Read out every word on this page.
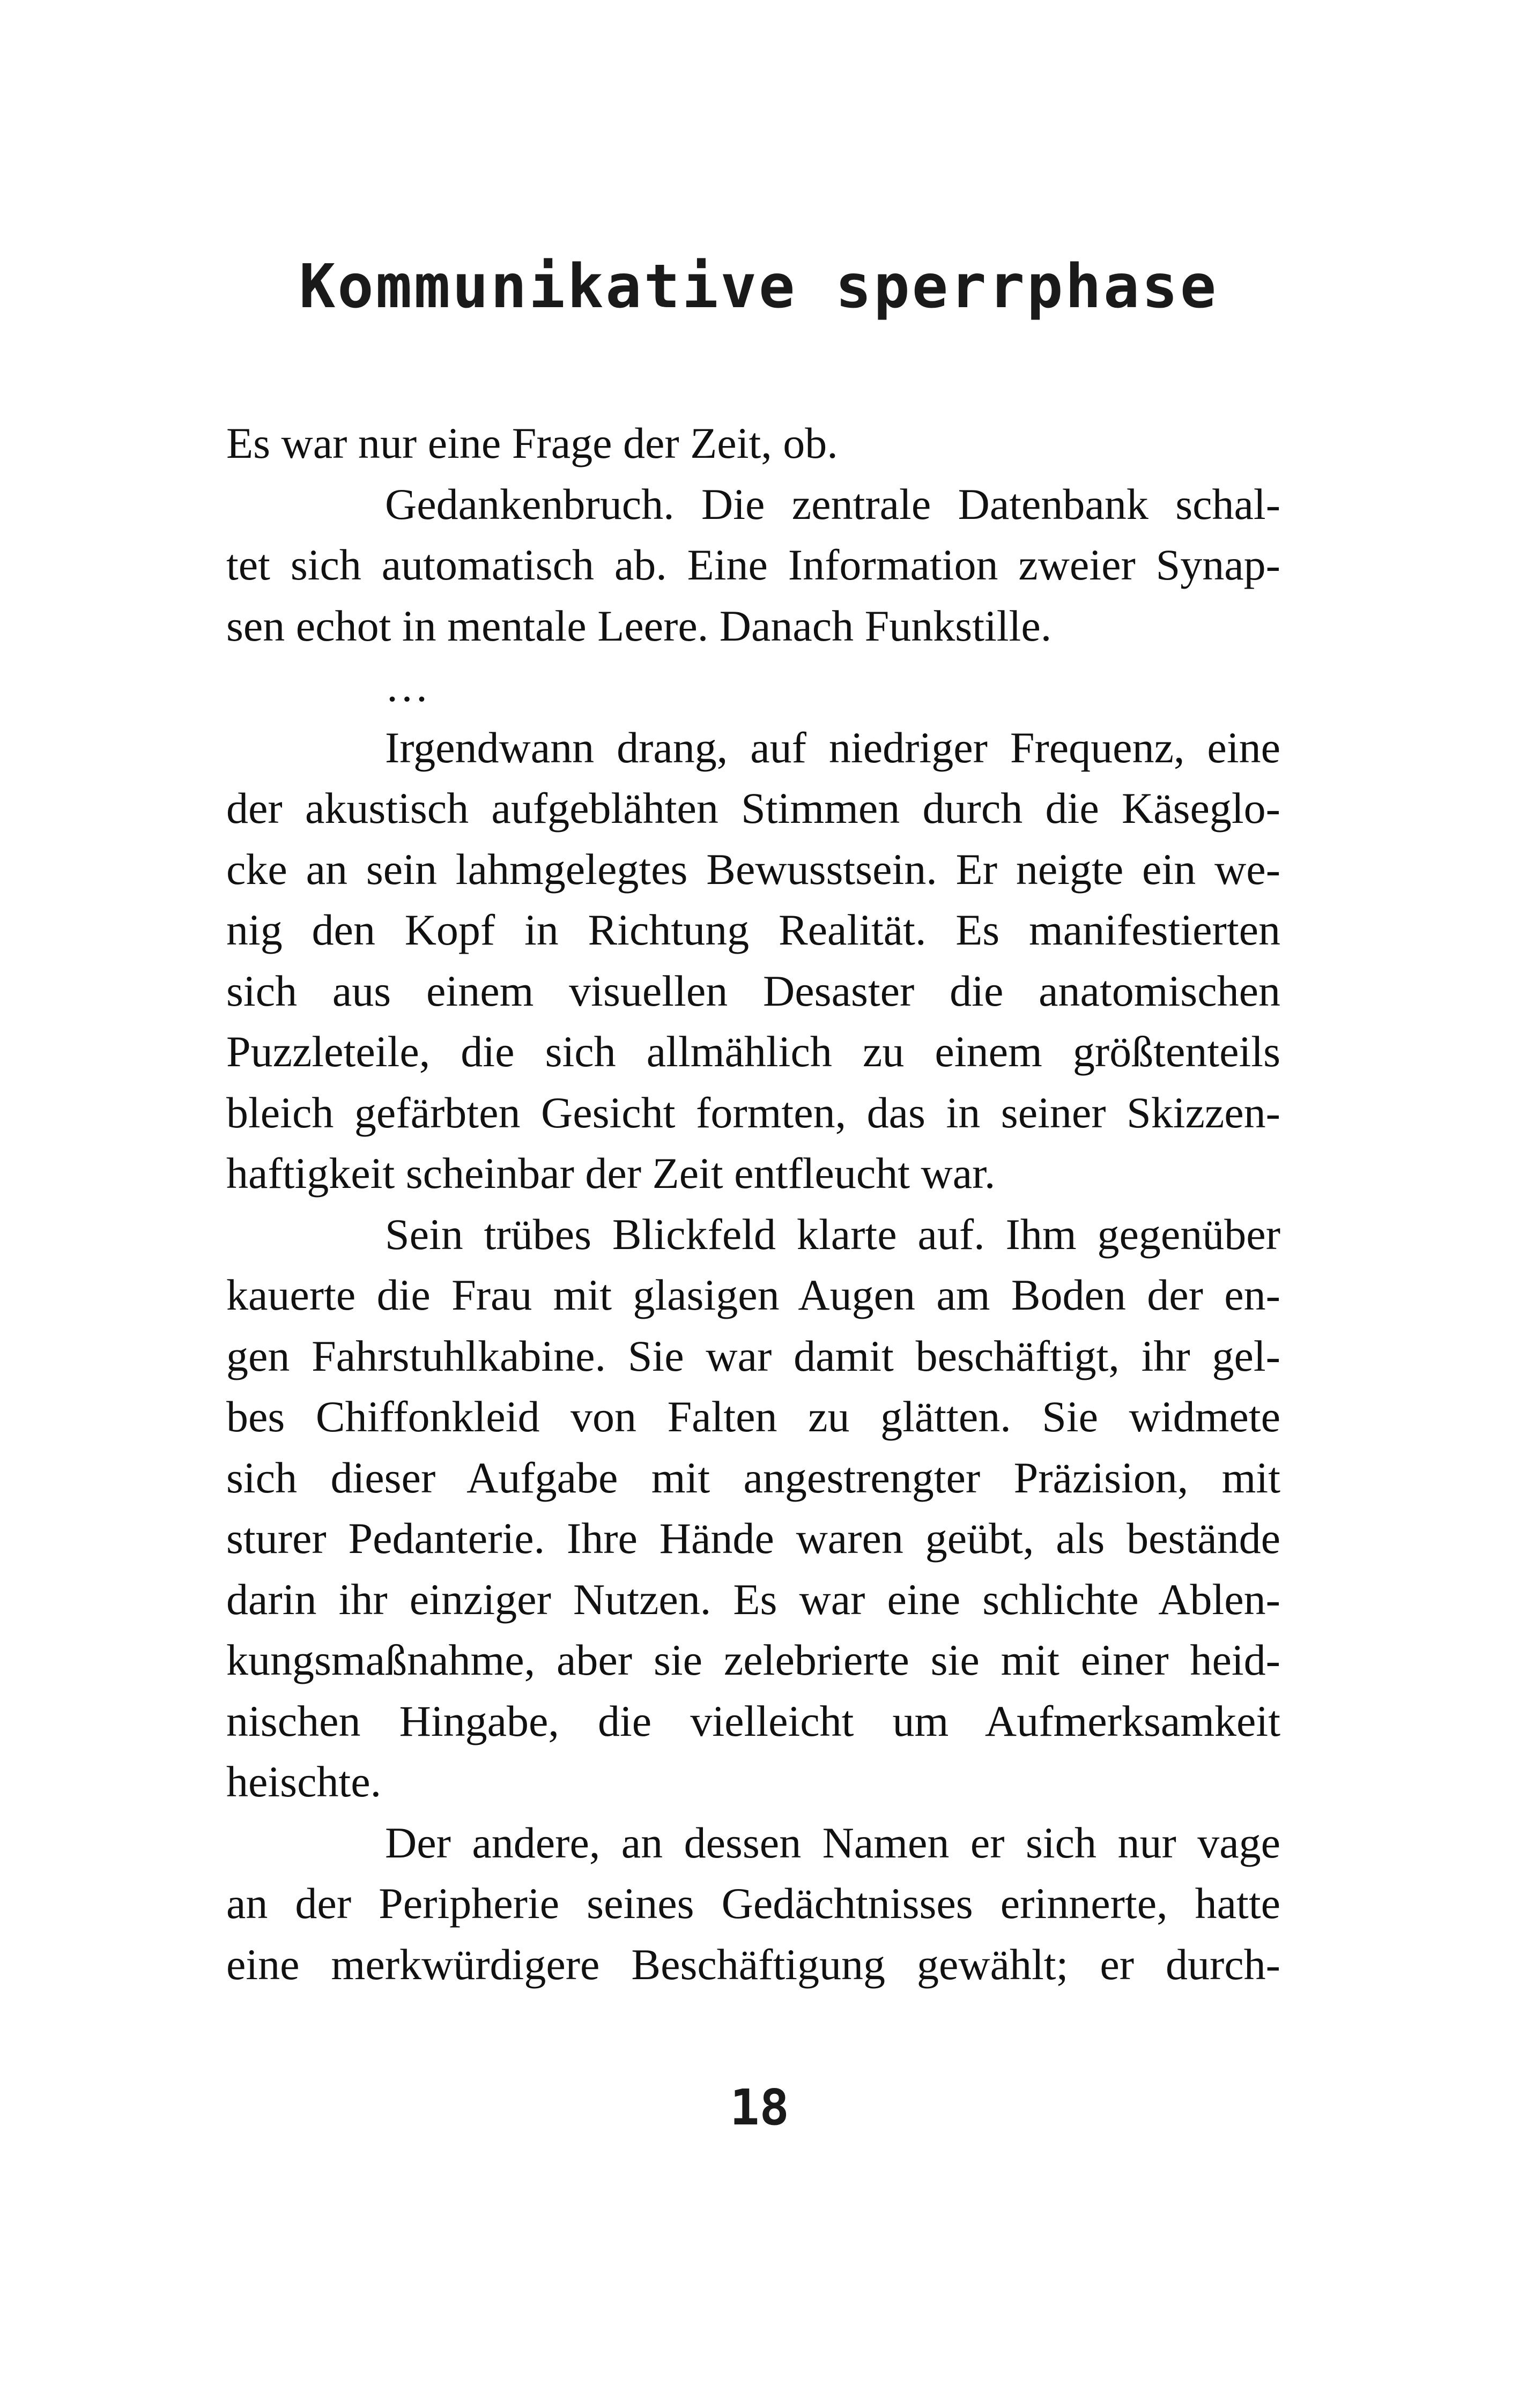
Kommunikative sperrphase
Es war nur eine Frage der Zeit, ob.
Gedankenbruch. Die zentrale Datenbank schal-
tet sich automatisch ab. Eine Information zweier Synap-
sen echot in mentale Leere. Danach Funkstille.
…
Irgendwann drang, auf niedriger Frequenz, eine
der akustisch aufgeblähten Stimmen durch die Käseglo-
cke an sein lahmgelegtes Bewusstsein. Er neigte ein we-
nig den Kopf in Richtung Realität. Es manifestierten
sich aus einem visuellen Desaster die anatomischen
Puzzleteile, die sich allmählich zu einem größtenteils
bleich gefärbten Gesicht formten, das in seiner Skizzen-
haftigkeit scheinbar der Zeit entfleucht war.
Sein trübes Blickfeld klarte auf. Ihm gegenüber
kauerte die Frau mit glasigen Augen am Boden der en-
gen Fahrstuhlkabine. Sie war damit beschäftigt, ihr gel-
bes Chiffonkleid von Falten zu glätten. Sie widmete
sich dieser Aufgabe mit angestrengter Präzision, mit
sturer Pedanterie. Ihre Hände waren geübt, als bestände
darin ihr einziger Nutzen. Es war eine schlichte Ablen-
kungsmaßnahme, aber sie zelebrierte sie mit einer heid-
nischen Hingabe, die vielleicht um Aufmerksamkeit
heischte.
Der andere, an dessen Namen er sich nur vage
an der Peripherie seines Gedächtnisses erinnerte, hatte
eine merkwürdigere Beschäftigung gewählt; er durch-
18
